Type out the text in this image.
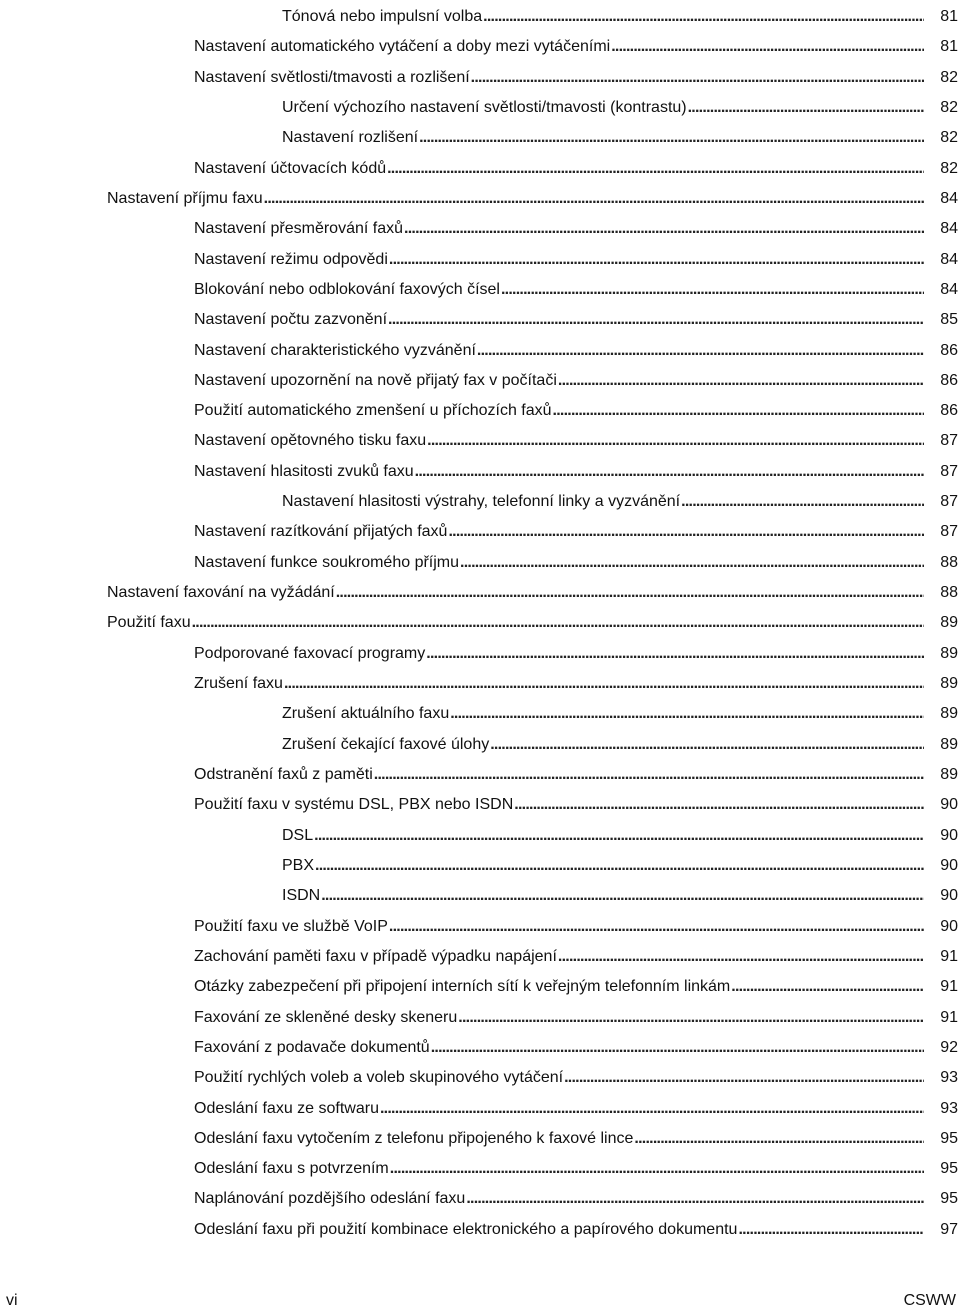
Tónová nebo impulsní volba . . .	81
Nastavení automatického vytáčení a doby mezi vytáčeními . . .	81
Nastavení světlosti/tmavosti a rozlišení . . .	82
Určení výchozího nastavení světlosti/tmavosti (kontrastu) . . .	82
Nastavení rozlišení . . .	82
Nastavení účtovacích kódů . . .	82
Nastavení příjmu faxu . . .	84
Nastavení přesměrování faxů . . .	84
Nastavení režimu odpovědi . . .	84
Blokování nebo odblokování faxových čísel . . .	84
Nastavení počtu zazvonění . . .	85
Nastavení charakteristického vyzvánění . . .	86
Nastavení upozornění na nově přijatý fax v počítači . . .	86
Použití automatického zmenšení u příchozích faxů . . .	86
Nastavení opětovného tisku faxu . . .	87
Nastavení hlasitosti zvuků faxu . . .	87
Nastavení hlasitosti výstrahy, telefonní linky a vyzvánění . . .	87
Nastavení razítkování přijatých faxů . . .	87
Nastavení funkce soukromého příjmu . . .	88
Nastavení faxování na vyžádání . . .	88
Použití faxu . . .	89
Podporované faxovací programy . . .	89
Zrušení faxu . . .	89
Zrušení aktuálního faxu . . .	89
Zrušení čekající faxové úlohy . . .	89
Odstranění faxů z paměti . . .	89
Použití faxu v systému DSL, PBX nebo ISDN . . .	90
DSL . . .	90
PBX . . .	90
ISDN . . .	90
Použití faxu ve službě VoIP . . .	90
Zachování paměti faxu v případě výpadku napájení . . .	91
Otázky zabezpečení při připojení interních sítí k veřejným telefonním linkám . . .	91
Faxování ze skleněné desky skeneru . . .	91
Faxování z podavače dokumentů . . .	92
Použití rychlých voleb a voleb skupinového vytáčení . . .	93
Odeslání faxu ze softwaru . . .	93
Odeslání faxu vytočením z telefonu připojeného k faxové lince . . .	95
Odeslání faxu s potvrzením . . .	95
Naplánování pozdějšího odeslání faxu . . .	95
Odeslání faxu při použití kombinace elektronického a papírového dokumentu . . .	97
vi	CSWW
